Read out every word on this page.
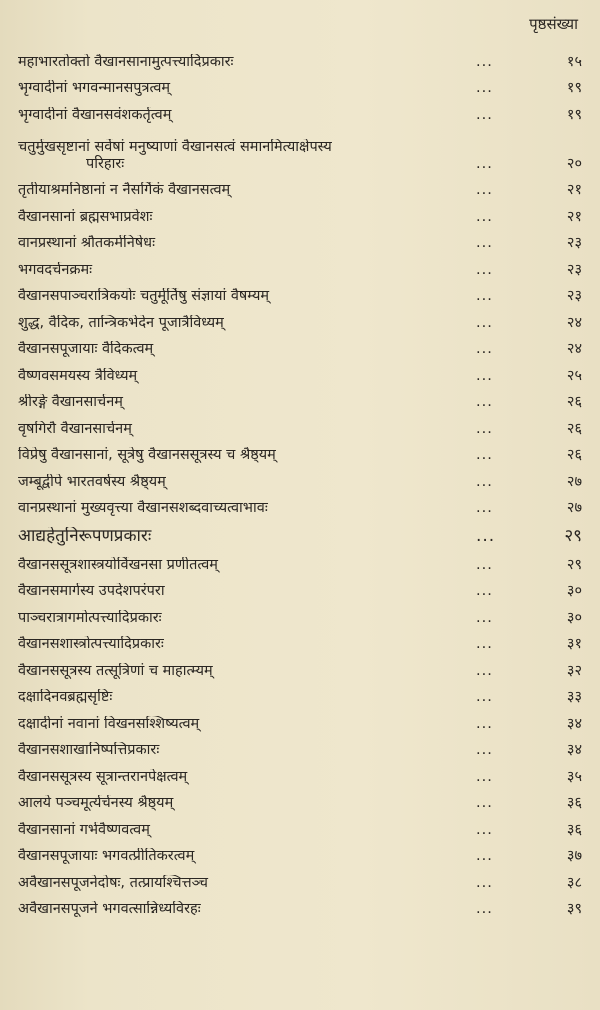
पृष्ठसंख्या
महाभारतोक्तो वैखानसानामुत्पत्त्यादिप्रकारः	...	१५
भृग्वादीनां भगवन्मानसपुत्रत्वम्	...	१९
भृग्वादीनां वैखानसवंशकर्तृत्वम्	...	१९
चतुर्मुखसृष्टानां सर्वेषां मनुष्याणां वैखानसत्वं समानमित्याक्षेपस्य
परिहारः	...	२०
तृतीयाश्रमनिष्ठानां न नैसर्गिकं वैखानसत्वम्	...	२१
वैखानसानां ब्रह्मसभाप्रवेशः	...	२१
वानप्रस्थानां श्रौतकर्मनिषेधः	...	२३
भगवदर्चनक्रमः	...	२३
वैखानसपाञ्चरात्रिकयोः चतुर्मूर्तिषु संज्ञायां वैषम्यम्	...	२३
शुद्ध, वैदिक, तान्त्रिकभेदेन पूजात्रैविध्यम्	...	२४
वैखानसपूजायाः वैदिकत्वम्	...	२४
वैष्णवसमयस्य त्रैविध्यम्	...	२५
श्रीरङ्गे वैखानसार्चनम्	...	२६
वृषगिरौ वैखानसार्चनम्	...	२६
विप्रेषु वैखानसानां, सूत्रेषु वैखानससूत्रस्य च श्रैष्ठ्यम्	...	२६
जम्बूद्वीपे भारतवर्षस्य श्रैष्ठ्यम्	...	२७
वानप्रस्थानां मुख्यवृत्त्या वैखानसशब्दवाच्यत्वाभावः	...	२७
आद्यहेतुनिरूपणप्रकारः	...	२९
वैखानससूत्रशास्त्रयोर्विखनसा प्रणीतत्वम्	...	२९
वैखानसमार्गस्य उपदेशपरंपरा	...	३०
पाञ्चरात्रागमोत्पत्त्यादिप्रकारः	...	३०
वैखानसशास्त्रोत्पत्त्यादिप्रकारः	...	३१
वैखानससूत्रस्य तत्सूत्रिणां च माहात्म्यम्	...	३२
दक्षादिनवब्रह्मसृष्टिः	...	३३
दक्षादीनां नवानां विखनसश्शिष्यत्वम्	...	३४
वैखानसशाखानिष्पत्तिप्रकारः	...	३४
वैखानससूत्रस्य सूत्रान्तरानपेक्षत्वम्	...	३५
आलये पञ्चमूर्त्यर्चनस्य श्रैष्ठ्यम्	...	३६
वैखानसानां गर्भवैष्णवत्वम्	...	३६
वैखानसपूजायाः भगवत्प्रीतिकरत्वम्	...	३७
अवैखानसपूजनेदोषः, तत्प्रायश्चित्तञ्च	...	३८
अवैखानसपूजने भगवत्सान्निध्यविरहः	...	३९
